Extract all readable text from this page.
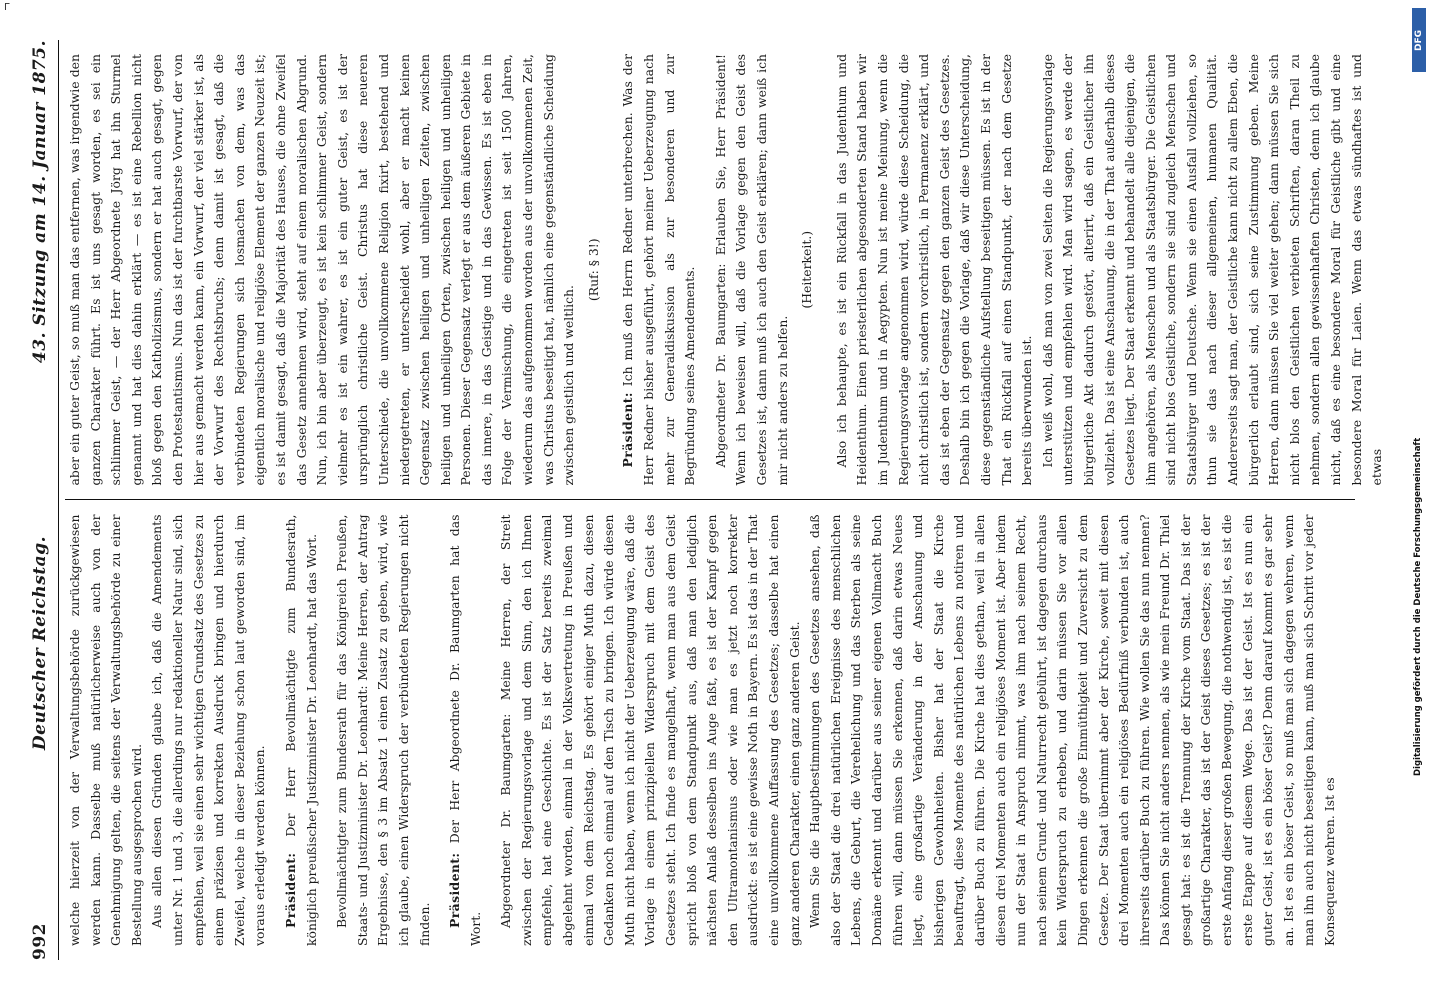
Γ
992
Deutscher Reichstag.
43. Sitzung am 14. Januar 1875.

welche hierzeit von der Verwaltungsbehörde zurückgewiesen werden kann. Dasselbe muß natürlicherweise auch von der Genehmigung gelten, die seitens der Verwaltungsbehörde zu einer Bestellung ausgesprochen wird. Aus allen diesen Gründen glaube ich, daß die Amendements unter Nr. 1 und 3, die allerdings nur redaktioneller Natur sind, sich empfehlen, weil sie einen sehr wichtigen Grundsatz des Gesetzes zu einem präzisen und korrekten Ausdruck bringen und hierdurch Zweifel, welche in dieser Beziehung schon laut geworden sind, im voraus erledigt werden können. Präsident: Der Herr Bevollmächtigte zum Bundesrath, königlich preußischer Justizminister Dr. Leonhardt, hat das Wort. Bevollmächtigter zum Bundesrath für das Königreich Preußen, Staats- und Justizminister Dr. Leonhardt: Meine Herren, der Antrag Ergebnisse, den § 3 im Absatz 1 einen Zusatz zu geben, wird, wie ich glaube, einen Widerspruch der verbündeten Regierungen nicht finden. Präsident: Der Herr Abgeordnete Dr. Baumgarten hat das Wort.

Abgeordneter Dr. Baumgarten: Meine Herren, der Streit zwischen der Regierungsvorlage und dem Sinn, den ich Ihnen empfehle, hat eine Geschichte. Es ist der Satz bereits zweimal abgelehnt worden, einmal in der Volksvertretung in Preußen und einmal von dem Reichstag. Es gehört einiger Muth dazu, diesen Gedanken noch einmal auf den Tisch zu bringen. Ich würde diesen Muth nicht haben, wenn ich nicht der Ueberzeugung wäre, daß die Vorlage in einem prinzipiellen Widerspruch mit dem Geist des Gesetzes steht. Ich finde es mangelhaft, wenn man aus dem Geist spricht bloß von dem Standpunkt aus, daß man den lediglich nächsten Anlaß desselben ins Auge faßt, es ist der Kampf gegen den Ultramontanismus oder wie man es jetzt noch korrekter ausdrückt: es ist eine gewisse Noth in Bayern. Es ist das in der That eine unvollkommene Auffassung des Gesetzes; dasselbe hat einen ganz anderen Charakter, einen ganz anderen Geist. Wenn Sie die Hauptbestimmungen des Gesetzes ansehen, daß also der Staat die drei natürlichen Ereignisse des menschlichen Lebens, die Geburt, die Verehelichung und das Sterben als seine Domäne erkennt und darüber aus seiner eigenen Vollmacht Buch führen will, dann müssen Sie erkennen, daß darin etwas Neues liegt, eine großartige Veränderung in der Anschauung und bisherigen Gewohnheiten. Bisher hat der Staat die Kirche beauftragt, diese Momente des natürlichen Lebens zu notiren und darüber Buch zu führen. Die Kirche hat dies gethan, weil in allen diesen drei Momenten auch ein religiöses Moment ist. Aber indem nun der Staat in Anspruch nimmt, was ihm nach seinem Recht, nach seinem Grund- und Naturrecht gebührt, ist dagegen durchaus kein Widerspruch zu erheben, und darin müssen Sie vor allen Dingen erkennen die große Einmüthigkeit und Zuversicht zu dem Gesetze. Der Staat übernimmt aber der Kirche, soweit mit diesen drei Momenten auch ein religiöses Bedürfniß verbunden ist, auch ihrerseits darüber Buch zu führen. Wie wollen Sie das nun nennen? Das können Sie nicht anders nennen, als wie mein Freund Dr. Thiel gesagt hat: es ist die Trennung der Kirche vom Staat. Das ist der großartige Charakter, das ist der Geist dieses Gesetzes; es ist der erste Anfang dieser großen Bewegung, die nothwendig ist, es ist die erste Etappe auf diesem Wege. Das ist der Geist. Ist es nun ein guter Geist, ist es ein böser Geist? Denn darauf kommt es gar sehr an. Ist es ein böser Geist, so muß man sich dagegen wehren, wenn man ihn auch nicht beseitigen kann, muß man sich Schritt vor jeder Konsequenz wehren. Ist es

aber ein guter Geist, so muß man das entfernen, was irgendwie den ganzen Charakter führt. Es ist uns gesagt worden, es sei ein schlimmer Geist, — der Herr Abgeordnete Jörg hat ihn Sturmel genannt und hat dies dahin erklärt — es ist eine Rebellion nicht bloß gegen den Katholizismus, sondern er hat auch gesagt, gegen den Protestantismus. Nun das ist der furchtbarste Vorwurf, der von hier aus gemacht werden kann, ein Vorwurf, der viel stärker ist, als der Vorwurf des Rechtsbruchs; denn damit ist gesagt, daß die verbündeten Regierungen sich losmachen von dem, was das eigentlich moralische und religiöse Element der ganzen Neuzeit ist; es ist damit gesagt, daß die Majorität des Hauses, die ohne Zweifel das Gesetz annehmen wird, steht auf einem moralischen Abgrund. Nun, ich bin aber überzeugt, es ist kein schlimmer Geist, sondern vielmehr es ist ein wahrer, es ist ein guter Geist, es ist der ursprünglich christliche Geist. Christus hat diese neueren Unterschiede, die unvollkommene Religion fixirt, bestehend und niedergetreten, er unterscheidet wohl, aber er macht keinen Gegensatz zwischen heiligen und unheiligen Zeiten, zwischen heiligen und unheiligen Orten, zwischen heiligen und unheiligen Personen. Dieser Gegensatz verlegt er aus dem äußeren Gebiete in das innere, in das Geistige und in das Gewissen. Es ist eben in Folge der Vermischung, die eingetreten ist seit 1500 Jahren, wiederum das aufgenommen worden aus der unvollkommenen Zeit, was Christus beseitigt hat, nämlich eine gegenständliche Scheidung zwischen geistlich und weltlich.

(Ruf: § 3!)

Präsident: Ich muß den Herrn Redner unterbrechen. Was der Herr Redner bisher ausgeführt, gehört meiner Ueberzeugung nach mehr zur Generaldiskussion als zur besonderen und zur Begründung seines Amendements. Abgeordneter Dr. Baumgarten: Erlauben Sie, Herr Präsident! Wenn ich beweisen will, daß die Vorlage gegen den Geist des Gesetzes ist, dann muß ich auch den Geist erklären; dann weiß ich mir nicht anders zu helfen.

(Heiterkeit.) Also ich behaupte, es ist ein Rückfall in das Judenthum und Heidenthum. Einen priesterlichen abgesonderten Stand haben wir im Judenthum und in Aegypten. Nun ist meine Meinung, wenn die Regierungsvorlage angenommen wird, würde diese Scheidung, die nicht christlich ist, sondern vorchristlich, in Permanenz erklärt, und das ist eben der Gegensatz gegen den ganzen Geist des Gesetzes. Deshalb bin ich gegen die Vorlage, daß wir diese Unterscheidung, diese gegenständliche Aufstellung beseitigen müssen. Es ist in der That ein Rückfall auf einen Standpunkt, der nach dem Gesetze bereits überwunden ist. Ich weiß wohl, daß man von zwei Seiten die Regierungsvorlage unterstützen und empfehlen wird. Man wird sagen, es werde der bürgerliche Akt dadurch gestört, alterirt, daß ein Geistlicher ihn vollzieht. Das ist eine Anschauung, die in der That außerhalb dieses Gesetzes liegt. Der Staat erkennt und behandelt alle diejenigen, die ihm angehören, als Menschen und als Staatsbürger. Die Geistlichen sind nicht blos Geistliche, sondern sie sind zugleich Menschen und Staatsbürger und Deutsche. Wenn sie einen Ausfall vollziehen, so thun sie das nach dieser allgemeinen, humanen Qualität. Andererseits sagt man, der Geistliche kann nicht zu allem Eben, die bürgerlich erlaubt sind, sich seine Zustimmung geben. Meine Herren, dann müssen Sie viel weiter gehen; dann müssen Sie sich nicht blos den Geistlichen verbieten Schriften, daran Theil zu nehmen, sondern allen gewissenhaften Christen, denn ich glaube nicht, daß es eine besondere Moral für Geistliche gibt und eine besondere Moral für Laien. Wenn das etwas sündhaftes ist und etwas

DFG
Digitalisierung gefördert durch die Deutsche Forschungsgemeinschaft
